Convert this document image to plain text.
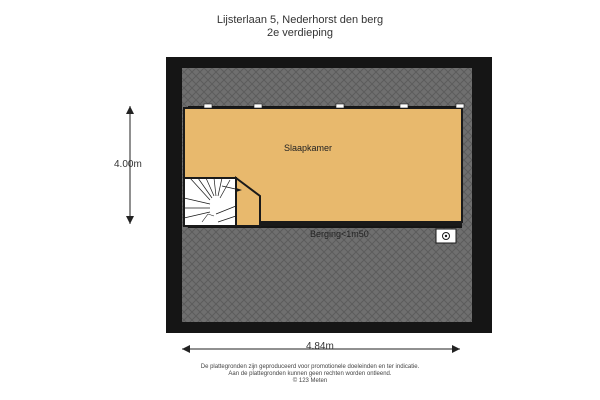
Lijsterlaan 5, Nederhorst den berg
2e verdieping
Slaapkamer
Berging<1m50
4.00m
4.84m
De plattegronden zijn geproduceerd voor promotionele doeleinden en ter indicatie.
Aan de plattegronden kunnen geen rechten worden ontleend.
© 123 Meten
